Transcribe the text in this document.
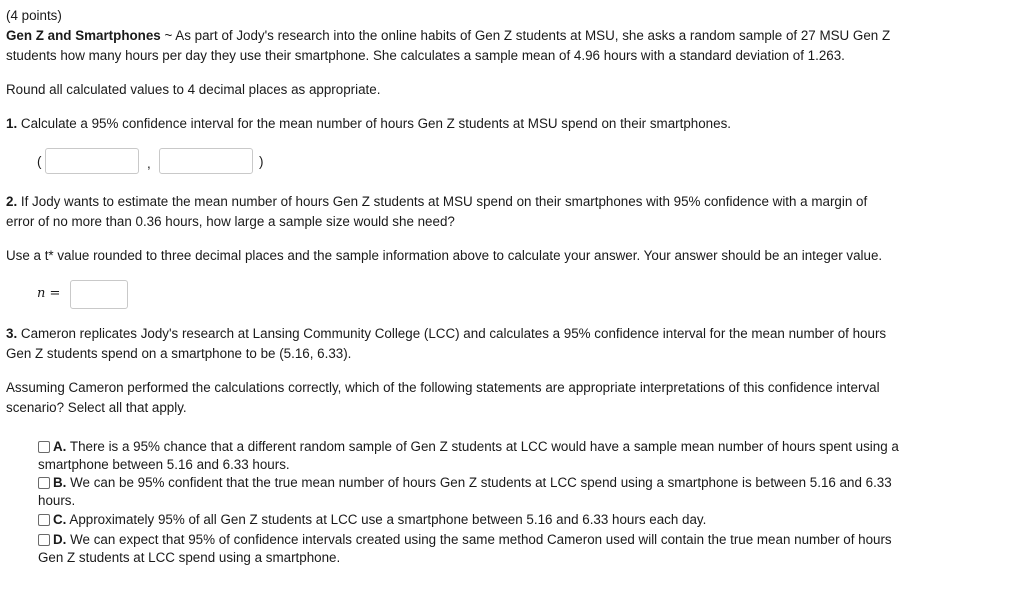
(4 points)
Gen Z and Smartphones ~ As part of Jody's research into the online habits of Gen Z students at MSU, she asks a random sample of 27 MSU Gen Z
students how many hours per day they use their smartphone. She calculates a sample mean of 4.96 hours with a standard deviation of 1.263.
Round all calculated values to 4 decimal places as appropriate.
1. Calculate a 95% confidence interval for the mean number of hours Gen Z students at MSU spend on their smartphones.
(	,	)
2. If Jody wants to estimate the mean number of hours Gen Z students at MSU spend on their smartphones with 95% confidence with a margin of
error of no more than 0.36 hours, how large a sample size would she need?
Use a t* value rounded to three decimal places and the sample information above to calculate your answer. Your answer should be an integer value.
n =
3. Cameron replicates Jody's research at Lansing Community College (LCC) and calculates a 95% confidence interval for the mean number of hours
Gen Z students spend on a smartphone to be (5.16, 6.33).
Assuming Cameron performed the calculations correctly, which of the following statements are appropriate interpretations of this confidence interval
scenario? Select all that apply.
A. There is a 95% chance that a different random sample of Gen Z students at LCC would have a sample mean number of hours spent using a
smartphone between 5.16 and 6.33 hours.
B. We can be 95% confident that the true mean number of hours Gen Z students at LCC spend using a smartphone is between 5.16 and 6.33
hours.
C. Approximately 95% of all Gen Z students at LCC use a smartphone between 5.16 and 6.33 hours each day.
D. We can expect that 95% of confidence intervals created using the same method Cameron used will contain the true mean number of hours
Gen Z students at LCC spend using a smartphone.
